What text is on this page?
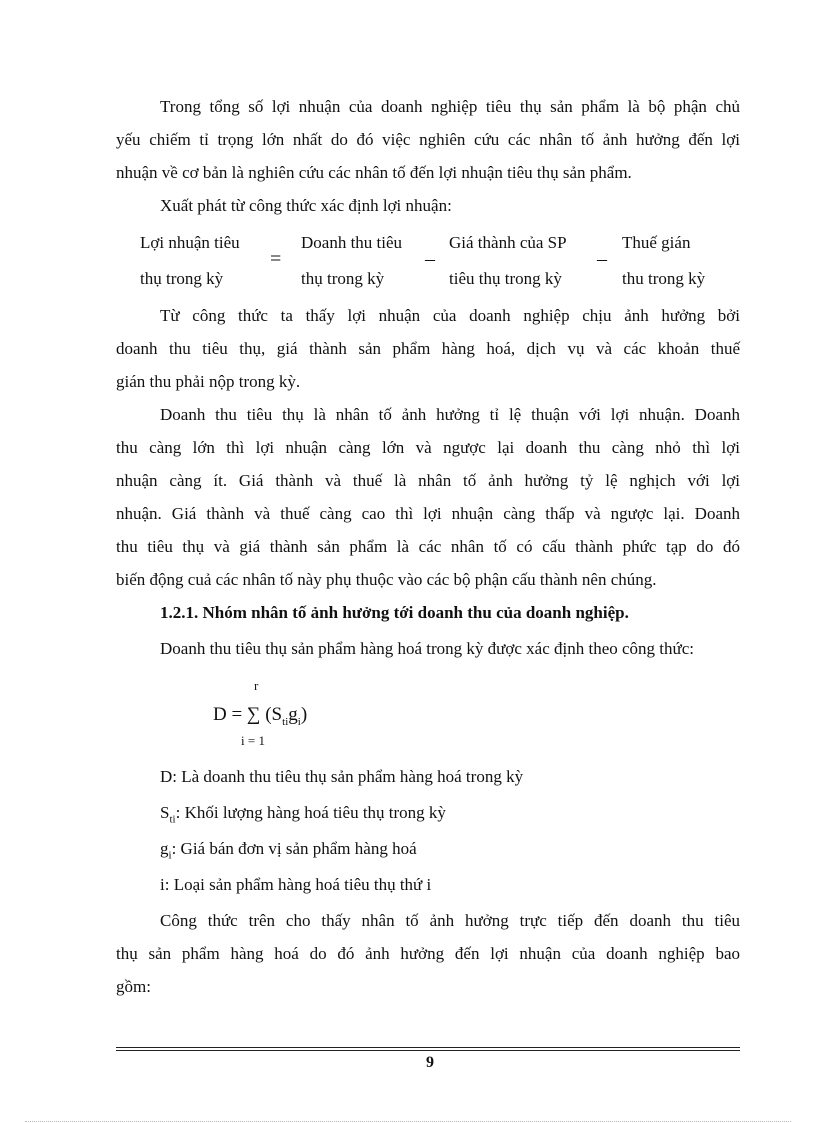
Trong tổng số lợi nhuận của doanh nghiệp tiêu thụ sản phẩm là bộ phận chủ
yếu chiếm tỉ trọng lớn nhất do đó việc nghiên cứu các nhân tố ảnh hưởng đến lợi
nhuận về cơ bản là nghiên cứu các nhân tố đến lợi nhuận tiêu thụ sản phẩm.
Xuất phát từ công thức xác định lợi nhuận:
Lợi nhuận tiêu
thụ trong kỳ
=
Doanh thu tiêu
thụ trong kỳ
–
Giá thành của SP
tiêu thụ trong kỳ
–
Thuế gián
thu trong kỳ
Từ công thức ta thấy lợi nhuận của doanh nghiệp chịu ảnh hưởng bởi
doanh thu tiêu thụ, giá thành sản phẩm hàng hoá, dịch vụ và các khoản thuế
gián thu phải nộp trong kỳ.
Doanh thu tiêu thụ là nhân tố ảnh hưởng tỉ lệ thuận với lợi nhuận. Doanh
thu càng lớn thì lợi nhuận càng lớn và ngược lại doanh thu càng nhỏ thì lợi
nhuận càng ít. Giá thành và thuế là nhân tố ảnh hưởng tỷ lệ nghịch với lợi
nhuận. Giá thành và thuế càng cao thì lợi nhuận càng thấp và ngược lại. Doanh
thu tiêu thụ và giá thành sản phẩm là các nhân tố có cấu thành phức tạp do đó
biến động cuả các nhân tố này phụ thuộc vào các bộ phận cấu thành nên chúng.
1.2.1. Nhóm nhân tố ảnh hưởng tới doanh thu của doanh nghiệp.
Doanh thu tiêu thụ sản phẩm hàng hoá trong kỳ được xác định theo công thức:
r
D = ∑ $(S_{ti}g_i)$
i = 1
D: Là doanh thu tiêu thụ sản phẩm hàng hoá trong kỳ
$S_{ti}$: Khối lượng hàng hoá tiêu thụ trong kỳ
$g_i$: Giá bán đơn vị sản phẩm hàng hoá
i: Loại sản phẩm hàng hoá tiêu thụ thứ i
Công thức trên cho thấy nhân tố ảnh hưởng trực tiếp đến doanh thu tiêu
thụ sản phẩm hàng hoá do đó ảnh hưởng đến lợi nhuận của doanh nghiệp bao
gồm:
9
